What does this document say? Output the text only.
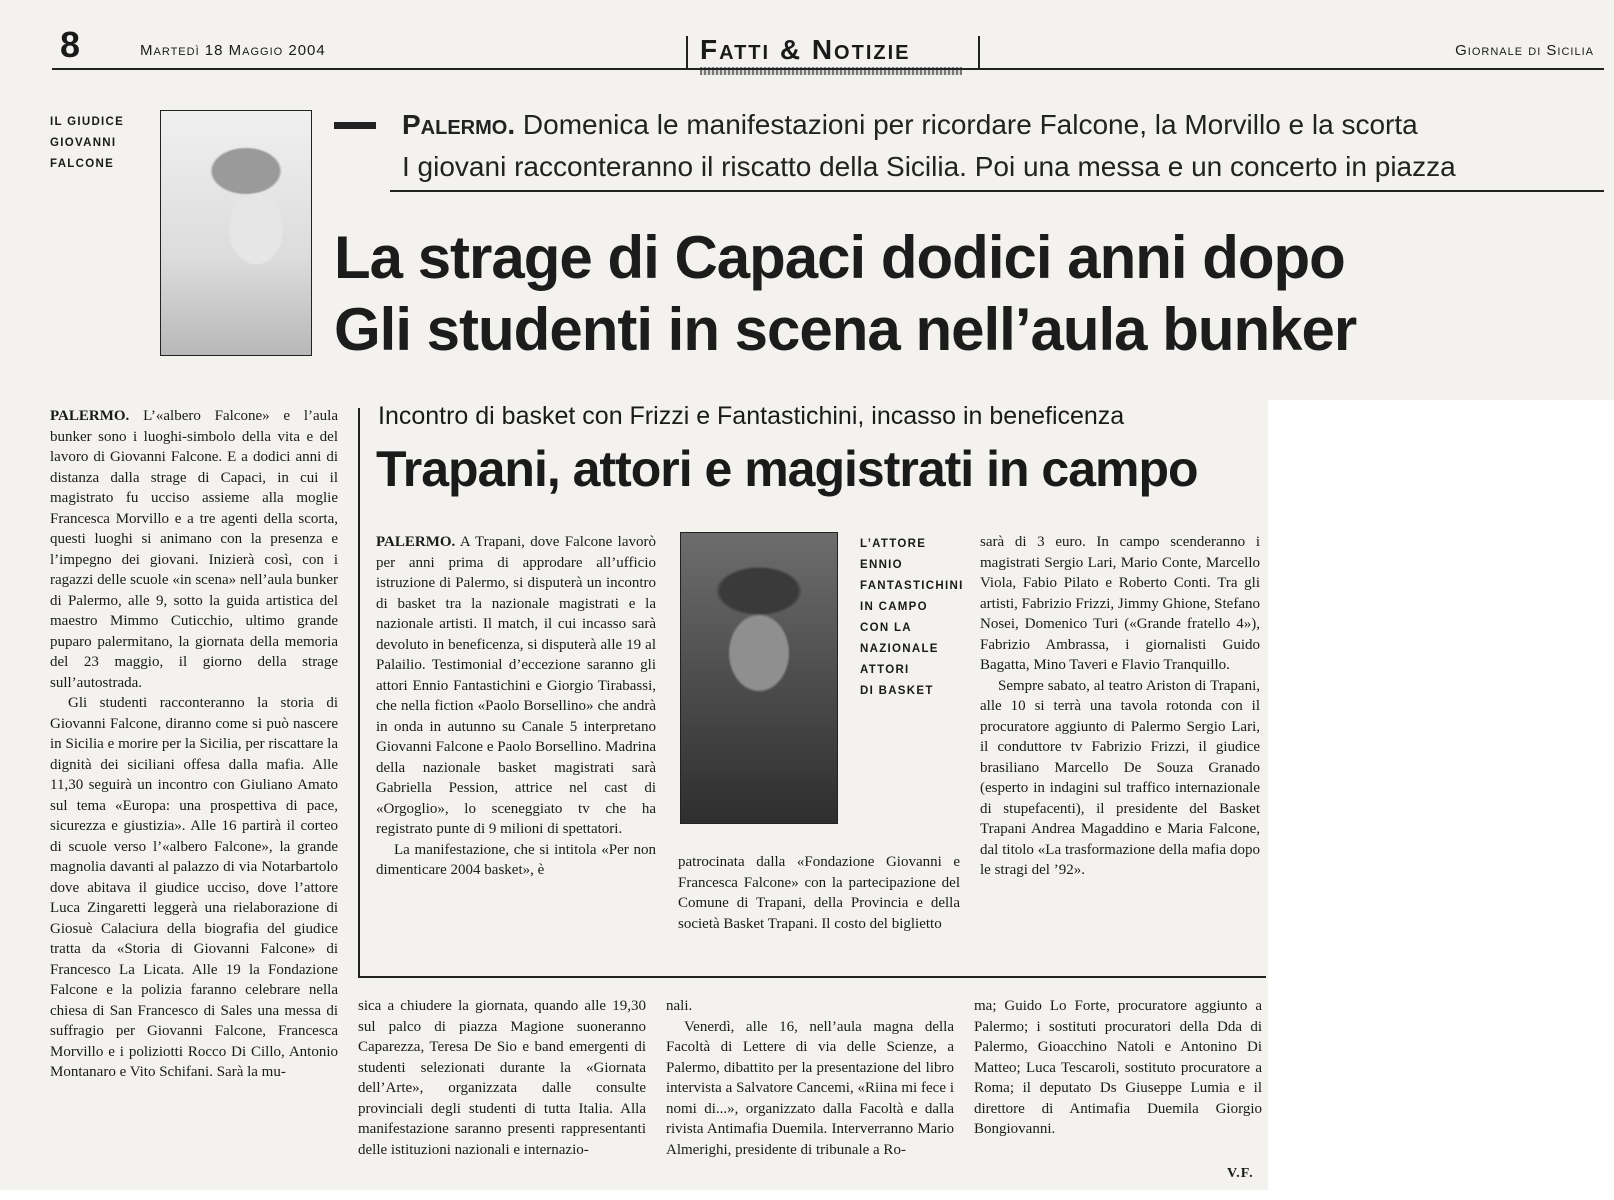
8	Martedì 18 Maggio 2004	Fatti & Notizie	Giornale di Sicilia
IL GIUDICE
GIOVANNI
FALCONE
Palermo. Domenica le manifestazioni per ricordare Falcone, la Morvillo e la scorta
I giovani racconteranno il riscatto della Sicilia. Poi una messa e un concerto in piazza
La strage di Capaci dodici anni dopo
Gli studenti in scena nell’aula bunker

PALERMO. L’«albero Falcone» e l’aula bunker sono i luoghi-simbolo della vita e del lavoro di Giovanni Falcone. E a dodici anni di distanza dalla strage di Capaci, in cui il magistrato fu ucciso assieme alla moglie Francesca Morvillo e a tre agenti della scorta, questi luoghi si animano con la presenza e l’impegno dei giovani. Inizierà così, con i ragazzi delle scuole «in scena» nell’aula bunker di Palermo, alle 9, sotto la guida artistica del maestro Mimmo Cuticchio, ultimo grande puparo palermitano, la giornata della memoria del 23 maggio, il giorno della strage sull’autostrada.

Gli studenti racconteranno la storia di Giovanni Falcone, diranno come si può nascere in Sicilia e morire per la Sicilia, per riscattare la dignità dei siciliani offesa dalla mafia. Alle 11,30 seguirà un incontro con Giuliano Amato sul tema «Europa: una prospettiva di pace, sicurezza e giustizia». Alle 16 partirà il corteo di scuole verso l’«albero Falcone», la grande magnolia davanti al palazzo di via Notarbartolo dove abitava il giudice ucciso, dove l’attore Luca Zingaretti leggerà una rielaborazione di Giosuè Calaciura della biografia del giudice tratta da «Storia di Giovanni Falcone» di Francesco La Licata. Alle 19 la Fondazione Falcone e la polizia faranno celebrare nella chiesa di San Francesco di Sales una messa di suffragio per Giovanni Falcone, Francesca Morvillo e i poliziotti Rocco Di Cillo, Antonio Montanaro e Vito Schifani. Sarà la mu-

Incontro di basket con Frizzi e Fantastichini, incasso in beneficenza
Trapani, attori e magistrati in campo

PALERMO. A Trapani, dove Falcone lavorò per anni prima di approdare all’ufficio istruzione di Palermo, si disputerà un incontro di basket tra la nazionale magistrati e la nazionale artisti. Il match, il cui incasso sarà devoluto in beneficenza, si disputerà alle 19 al Palailio. Testimonial d’eccezione saranno gli attori Ennio Fantastichini e Giorgio Tirabassi, che nella fiction «Paolo Borsellino» che andrà in onda in autunno su Canale 5 interpretano Giovanni Falcone e Paolo Borsellino. Madrina della nazionale basket magistrati sarà Gabriella Pession, attrice nel cast di «Orgoglio», lo sceneggiato tv che ha registrato punte di 9 milioni di spettatori.

La manifestazione, che si intitola «Per non dimenticare 2004 basket», è

L’ATTORE
ENNIO
FANTASTICHINI
IN CAMPO
CON LA
NAZIONALE
ATTORI
DI BASKET
patrocinata dalla «Fondazione Giovanni e Francesca Falcone» con la partecipazione del Comune di Trapani, della Provincia e della società Basket Trapani. Il costo del biglietto

sarà di 3 euro. In campo scenderanno i magistrati Sergio Lari, Mario Conte, Marcello Viola, Fabio Pilato e Roberto Conti. Tra gli artisti, Fabrizio Frizzi, Jimmy Ghione, Stefano Nosei, Domenico Turi («Grande fratello 4»), Fabrizio Ambrassa, i giornalisti Guido Bagatta, Mino Taveri e Flavio Tranquillo.

Sempre sabato, al teatro Ariston di Trapani, alle 10 si terrà una tavola rotonda con il procuratore aggiunto di Palermo Sergio Lari, il conduttore tv Fabrizio Frizzi, il giudice brasiliano Marcello De Souza Granado (esperto in indagini sul traffico internazionale di stupefacenti), il presidente del Basket Trapani Andrea Magaddino e Maria Falcone, dal titolo «La trasformazione della mafia dopo le stragi del ’92».

sica a chiudere la giornata, quando alle 19,30 sul palco di piazza Magione suoneranno Caparezza, Teresa De Sio e band emergenti di studenti selezionati durante la «Giornata dell’Arte», organizzata dalle consulte provinciali degli studenti di tutta Italia. Alla manifestazione saranno presenti rappresentanti delle istituzioni nazionali e internazio-

nali.

Venerdì, alle 16, nell’aula magna della Facoltà di Lettere di via delle Scienze, a Palermo, dibattito per la presentazione del libro intervista a Salvatore Cancemi, «Riina mi fece i nomi di...», organizzato dalla Facoltà e dalla rivista Antimafia Duemila. Interverranno Mario Almerighi, presidente di tribunale a Ro-

ma; Guido Lo Forte, procuratore aggiunto a Palermo; i sostituti procuratori della Dda di Palermo, Gioacchino Natoli e Antonino Di Matteo; Luca Tescaroli, sostituto procuratore a Roma; il deputato Ds Giuseppe Lumia e il direttore di Antimafia Duemila Giorgio Bongiovanni.
V.F.
